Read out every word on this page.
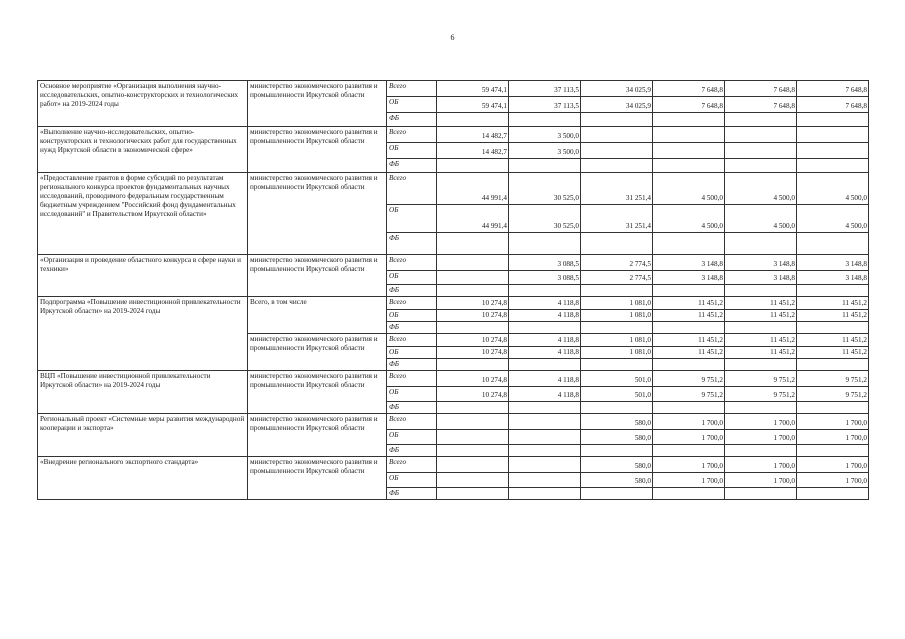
6
Основное мероприятие «Организация выполнения научно-исследовательских, опытно-конструкторских и технологических работ» на 2019-2024 годы	министерство экономического развития и промышленности Иркутской области	Всего	59 474,1	37 113,5	34 025,9	7 648,8	7 648,8	7 648,8
		ОБ	59 474,1	37 113,5	34 025,9	7 648,8	7 648,8	7 648,8
		ФБ						
«Выполнение научно-исследовательских, опытно-конструкторских и технологических работ для государственных нужд Иркутской области в экономической сфере»	министерство экономического развития и промышленности Иркутской области	Всего	14 482,7	3 500,0				
		ОБ	14 482,7	3 500,0				
		ФБ						
«Предоставление грантов в форме субсидий по результатам регионального конкурса проектов фундаментальных научных исследований, проводимого федеральным государственным бюджетным учреждением "Российский фонд фундаментальных исследований" и Правительством Иркутской области»	министерство экономического развития и промышленности Иркутской области	Всего	44 991,4	30 525,0	31 251,4	4 500,0	4 500,0	4 500,0
		ОБ	44 991,4	30 525,0	31 251,4	4 500,0	4 500,0	4 500,0
		ФБ						
«Организация и проведение областного конкурса в сфере науки и техники»	министерство экономического развития и промышленности Иркутской области	Всего		3 088,5	2 774,5	3 148,8	3 148,8	3 148,8
		ОБ		3 088,5	2 774,5	3 148,8	3 148,8	3 148,8
		ФБ						
Подпрограмма «Повышение инвестиционной привлекательности Иркутской области» на 2019-2024 годы	Всего, в том числе	Всего	10 274,8	4 118,8	1 081,0	11 451,2	11 451,2	11 451,2
		ОБ	10 274,8	4 118,8	1 081,0	11 451,2	11 451,2	11 451,2
		ФБ						
	министерство экономического развития и промышленности Иркутской области	Всего	10 274,8	4 118,8	1 081,0	11 451,2	11 451,2	11 451,2
		ОБ	10 274,8	4 118,8	1 081,0	11 451,2	11 451,2	11 451,2
		ФБ						
ВЦП «Повышение инвестиционной привлекательности Иркутской области» на 2019-2024 годы	министерство экономического развития и промышленности Иркутской области	Всего	10 274,8	4 118,8	501,0	9 751,2	9 751,2	9 751,2
		ОБ	10 274,8	4 118,8	501,0	9 751,2	9 751,2	9 751,2
		ФБ						
Региональный проект «Системные меры развития международной кооперации и экспорта»	министерство экономического развития и промышленности Иркутской области	Всего			580,0	1 700,0	1 700,0	1 700,0
		ОБ			580,0	1 700,0	1 700,0	1 700,0
		ФБ						
«Внедрение регионального экспортного стандарта»	министерство экономического развития и промышленности Иркутской области	Всего			580,0	1 700,0	1 700,0	1 700,0
		ОБ			580,0	1 700,0	1 700,0	1 700,0
		ФБ						
